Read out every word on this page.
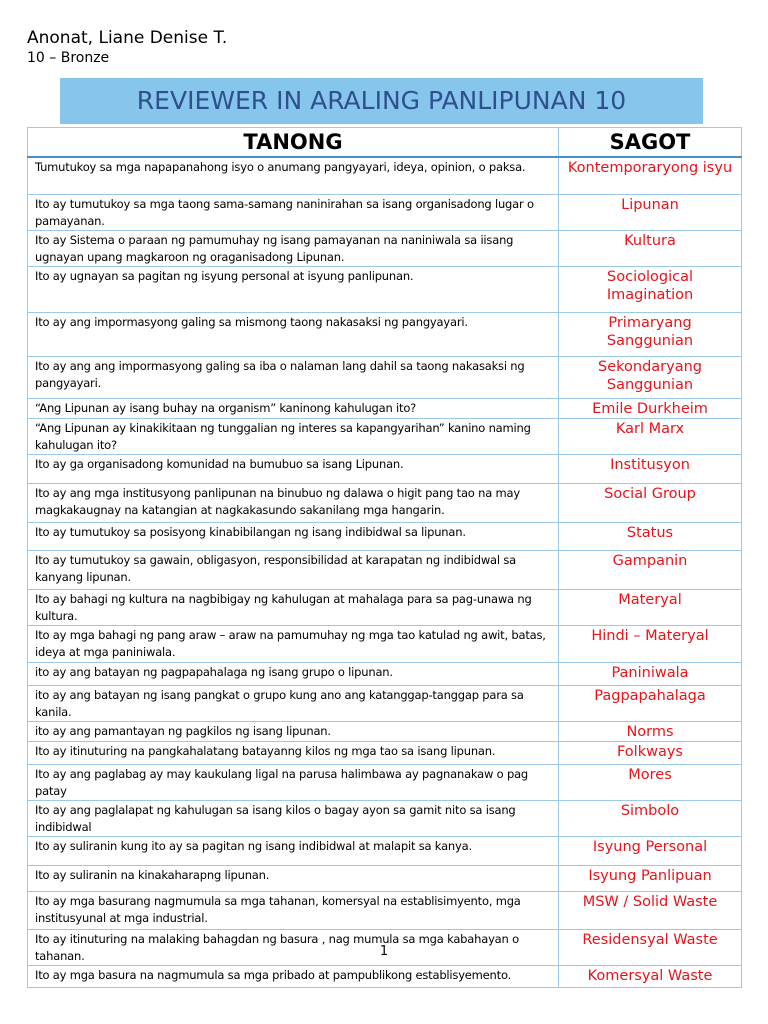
Anonat, Liane Denise T.
10 – Bronze
REVIEWER IN ARALING PANLIPUNAN 10
TANONG	SAGOT
Tumutukoy sa mga napapanahong isyo o anumang pangyayari, ideya, opinion, o paksa.	Kontemporaryong isyu
Ito ay tumutukoy sa mga taong sama-samang naninirahan sa isang organisadong lugar o pamayanan.	Lipunan
Ito ay Sistema o paraan ng pamumuhay ng isang pamayanan na naniniwala sa iisang ugnayan upang magkaroon ng oraganisadong Lipunan.	Kultura
Ito ay ugnayan sa pagitan ng isyung personal at isyung panlipunan.	Sociological Imagination
Ito ay ang impormasyong galing sa mismong taong nakasaksi ng pangyayari.	Primaryang Sanggunian
Ito ay ang ang impormasyong galing sa iba o nalaman lang dahil sa taong nakasaksi ng pangyayari.	Sekondaryang Sanggunian
“Ang Lipunan ay isang buhay na organism” kaninong kahulugan ito?	Emile Durkheim
“Ang Lipunan ay kinakikitaan ng tunggalian ng interes sa kapangyarihan” kanino naming kahulugan ito?	Karl Marx
Ito ay ga organisadong komunidad na bumubuo sa isang Lipunan.	Institusyon
Ito ay ang mga institusyong panlipunan na binubuo ng dalawa o higit pang tao na may magkakaugnay na katangian at nagkakasundo sakanilang mga hangarin.	Social Group
Ito ay tumutukoy sa posisyong kinabibilangan ng isang indibidwal sa lipunan.	Status
Ito ay tumutukoy sa gawain, obligasyon, responsibilidad at karapatan ng indibidwal sa kanyang lipunan.	Gampanin
Ito ay bahagi ng kultura na nagbibigay ng kahulugan at mahalaga para sa pag-unawa ng kultura.	Materyal
Ito ay mga bahagi ng pang araw – araw na pamumuhay ng mga tao katulad ng awit, batas, ideya at mga paniniwala.	Hindi – Materyal
ito ay ang batayan ng pagpapahalaga ng isang grupo o lipunan.	Paniniwala
ito ay ang batayan ng isang pangkat o grupo kung ano ang katanggap-tanggap para sa kanila.	Pagpapahalaga
ito ay ang pamantayan ng pagkilos ng isang lipunan.	Norms
Ito ay itinuturing na pangkahalatang batayanng kilos ng mga tao sa isang lipunan.	Folkways
Ito ay ang paglabag ay may kaukulang ligal na parusa halimbawa ay pagnanakaw o pag patay	Mores
Ito ay ang paglalapat ng kahulugan sa isang kilos o bagay ayon sa gamit nito sa isang indibidwal	Simbolo
Ito ay suliranin kung ito ay sa pagitan ng isang indibidwal at malapit sa kanya.	Isyung Personal
Ito ay suliranin na kinakaharapng lipunan.	Isyung Panlipuan
Ito ay mga basurang nagmumula sa mga tahanan, komersyal na establisimyento, mga institusyunal at mga industrial.	MSW / Solid Waste
Ito ay itinuturing na malaking bahagdan ng basura , nag mumula sa mga kabahayan o tahanan.	Residensyal Waste
Ito ay mga basura na nagmumula sa mga pribado at pampublikong establisyemento.	Komersyal Waste
1
